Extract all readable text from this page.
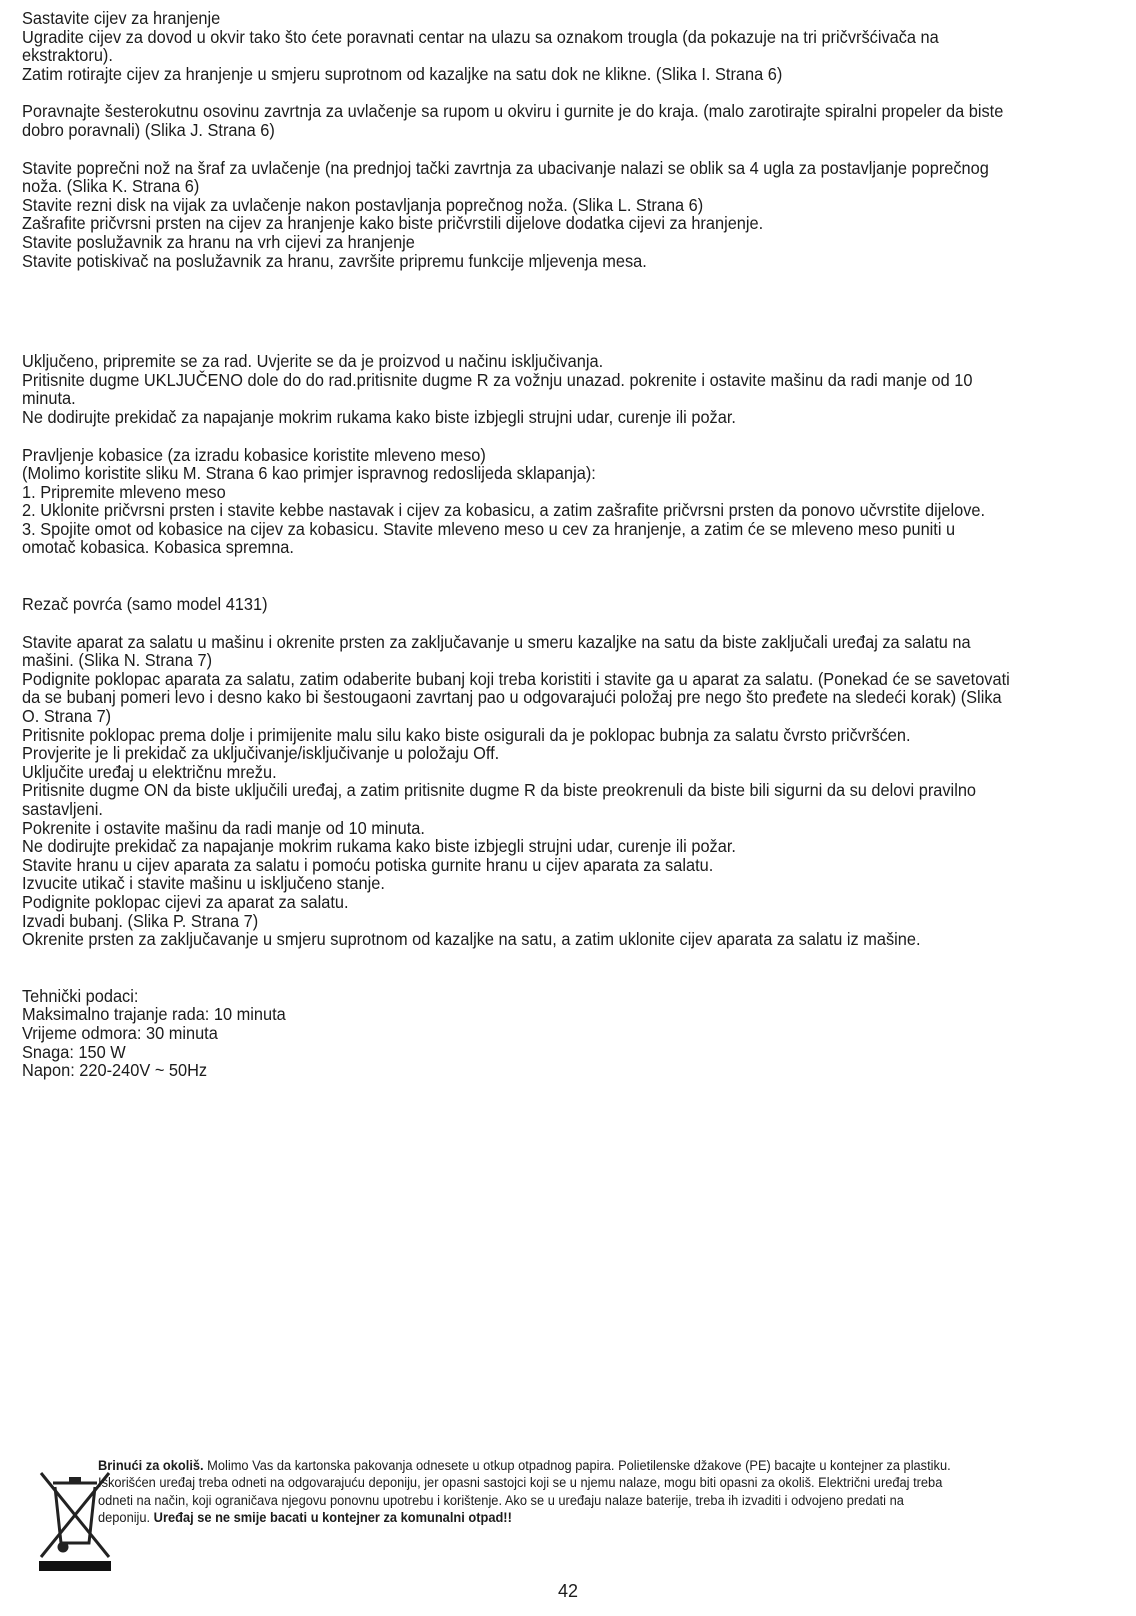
Sastavite cijev za hranjenje

Ugradite cijev za dovod u okvir tako što ćete poravnati centar na ulazu sa oznakom trougla (da pokazuje na tri pričvršćivača na

ekstraktoru).

Zatim rotirajte cijev za hranjenje u smjeru suprotnom od kazaljke na satu dok ne klikne. (Slika I. Strana 6)

Poravnajte šesterokutnu osovinu zavrtnja za uvlačenje sa rupom u okviru i gurnite je do kraja. (malo zarotirajte spiralni propeler da biste

dobro poravnali) (Slika J. Strana 6)

Stavite poprečni nož na šraf za uvlačenje (na prednjoj tački zavrtnja za ubacivanje nalazi se oblik sa 4 ugla za postavljanje poprečnog

noža. (Slika K. Strana 6)

Stavite rezni disk na vijak za uvlačenje nakon postavljanja poprečnog noža. (Slika L. Strana 6)

Zašrafite pričvrsni prsten na cijev za hranjenje kako biste pričvrstili dijelove dodatka cijevi za hranjenje.

Stavite poslužavnik za hranu na vrh cijevi za hranjenje

Stavite potiskivač na poslužavnik za hranu, završite pripremu funkcije mljevenja mesa.

Uključeno, pripremite se za rad. Uvjerite se da je proizvod u načinu isključivanja.

Pritisnite dugme UKLJUČENO dole do do rad.pritisnite dugme R za vožnju unazad. pokrenite i ostavite mašinu da radi manje od 10

minuta.

Ne dodirujte prekidač za napajanje mokrim rukama kako biste izbjegli strujni udar, curenje ili požar.

Pravljenje kobasice (za izradu kobasice koristite mleveno meso)

(Molimo koristite sliku M. Strana 6 kao primjer ispravnog redoslijeda sklapanja):

1. Pripremite mleveno meso

2. Uklonite pričvrsni prsten i stavite kebbe nastavak i cijev za kobasicu, a zatim zašrafite pričvrsni prsten da ponovo učvrstite dijelove.

3. Spojite omot od kobasice na cijev za kobasicu. Stavite mleveno meso u cev za hranjenje, a zatim će se mleveno meso puniti u

omotač kobasica. Kobasica spremna.

Rezač povrća (samo model 4131)

Stavite aparat za salatu u mašinu i okrenite prsten za zaključavanje u smeru kazaljke na satu da biste zaključali uređaj za salatu na

mašini. (Slika N. Strana 7)

Podignite poklopac aparata za salatu, zatim odaberite bubanj koji treba koristiti i stavite ga u aparat za salatu. (Ponekad će se savetovati

da se bubanj pomeri levo i desno kako bi šestougaoni zavrtanj pao u odgovarajući položaj pre nego što pređete na sledeći korak) (Slika

O. Strana 7)

Pritisnite poklopac prema dolje i primijenite malu silu kako biste osigurali da je poklopac bubnja za salatu čvrsto pričvršćen.

Provjerite je li prekidač za uključivanje/isključivanje u položaju Off.

Uključite uređaj u električnu mrežu.

Pritisnite dugme ON da biste uključili uređaj, a zatim pritisnite dugme R da biste preokrenuli da biste bili sigurni da su delovi pravilno

sastavljeni.

Pokrenite i ostavite mašinu da radi manje od 10 minuta.

Ne dodirujte prekidač za napajanje mokrim rukama kako biste izbjegli strujni udar, curenje ili požar.

Stavite hranu u cijev aparata za salatu i pomoću potiska gurnite hranu u cijev aparata za salatu.

Izvucite utikač i stavite mašinu u isključeno stanje.

Podignite poklopac cijevi za aparat za salatu.

Izvadi bubanj. (Slika P. Strana 7)

Okrenite prsten za zaključavanje u smjeru suprotnom od kazaljke na satu, a zatim uklonite cijev aparata za salatu iz mašine.

Tehnički podaci:

Maksimalno trajanje rada: 10 minuta

Vrijeme odmora: 30 minuta

Snaga: 150 W

Napon: 220-240V ~ 50Hz

Brinući za okoliš. Molimo Vas da kartonska pakovanja odnesete u otkup otpadnog papira. Polietilenske džakove (PE) bacajte u kontejner za plastiku.
Iskorišćen uređaj treba odneti na odgovarajuću deponiju, jer opasni sastojci koji se u njemu nalaze, mogu biti opasni za okoliš. Električni uređaj treba
odneti na način, koji ograničava njegovu ponovnu upotrebu i korištenje. Ako se u uređaju nalaze baterije, treba ih izvaditi i odvojeno predati na
deponiju. Uređaj se ne smije bacati u kontejner za komunalni otpad!!
42
